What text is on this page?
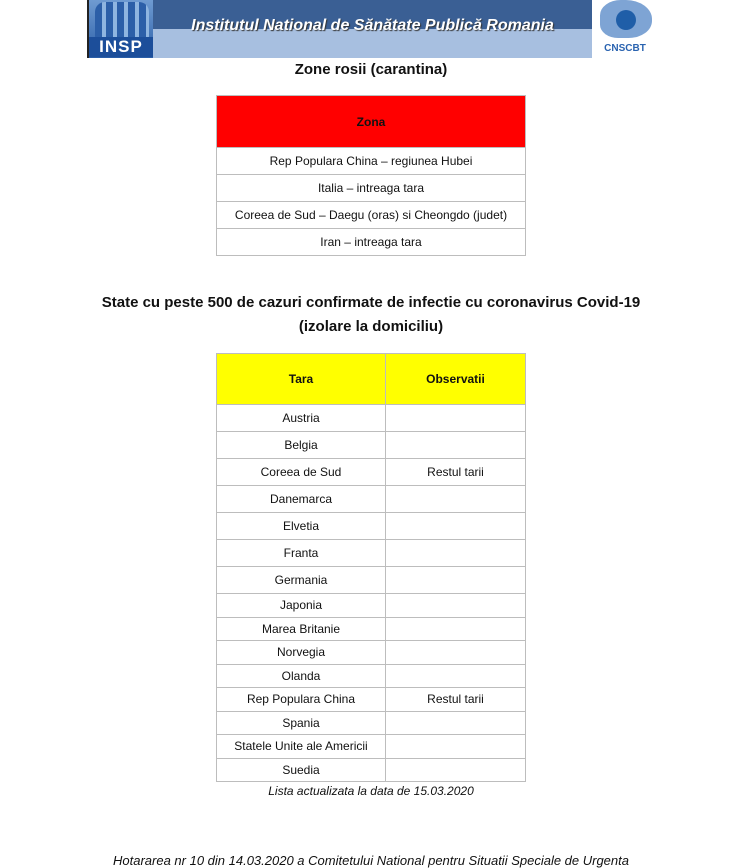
INSP
Institutul National de Sănătate Publică Romania
CNSCBT
Zone rosii (carantina)
Zona
Rep Populara China – regiunea Hubei
Italia – intreaga tara
Coreea de Sud – Daegu (oras) si Cheongdo (judet)
Iran – intreaga tara
State cu peste 500 de cazuri confirmate de infectie cu coronavirus Covid-19
(izolare la domiciliu)
Tara	Observatii
Austria	
Belgia	
Coreea de Sud	Restul tarii
Danemarca	
Elvetia	
Franta	
Germania	
Japonia	
Marea Britanie	
Norvegia	
Olanda	
Rep Populara China	Restul tarii
Spania	
Statele Unite ale Americii	
Suedia	
Lista actualizata la data de 15.03.2020
Hotararea nr 10 din 14.03.2020 a Comitetului National pentru Situatii Speciale de Urgenta
